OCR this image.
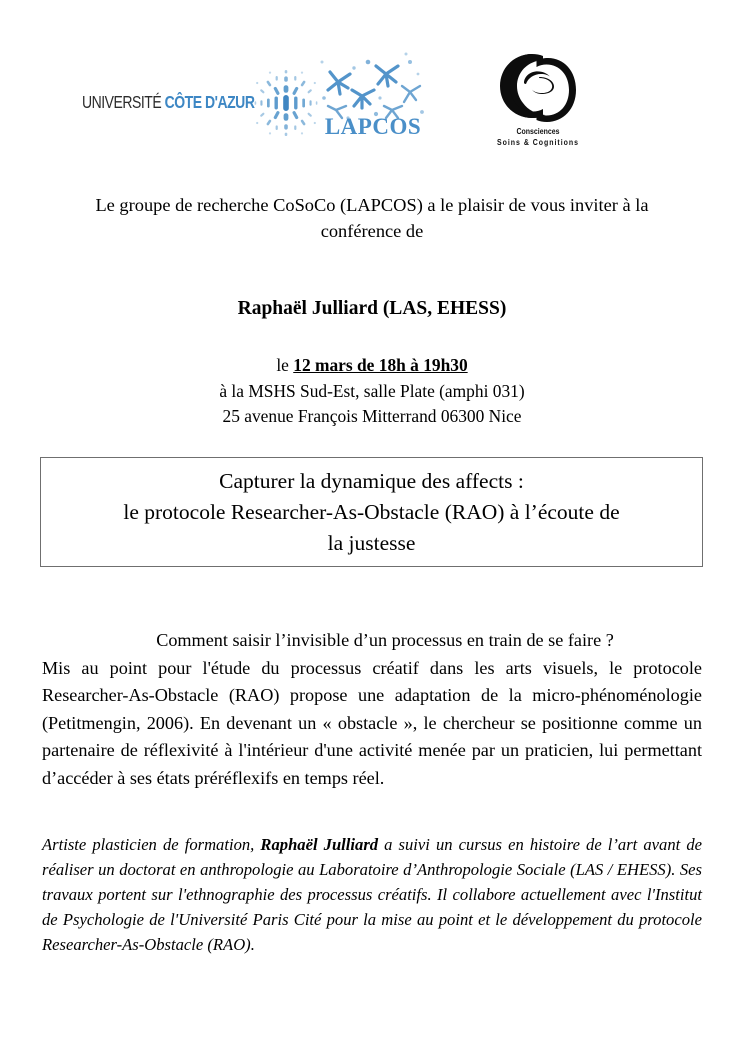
UNIVERSITÉ CÔTE D'AZUR
LAPCOS	Consciences
Soins & Cognitions
Le groupe de recherche CoSoCo (LAPCOS) a le plaisir de vous inviter à la conférence de
Raphaël Julliard (LAS, EHESS)
le 12 mars de 18h à 19h30
à la MSHS Sud-Est, salle Plate (amphi 031)
25 avenue François Mitterrand 06300 Nice
Capturer la dynamique des affects :
le protocole Researcher-As-Obstacle (RAO) à l’écoute de
la justesse
Comment saisir l’invisible d’un processus en train de se faire ?
Mis au point pour l'étude du processus créatif dans les arts visuels, le protocole Researcher-As-Obstacle (RAO) propose une adaptation de la micro-phénoménologie (Petitmengin, 2006). En devenant un « obstacle », le chercheur se positionne comme un partenaire de réflexivité à l'intérieur d'une activité menée par un praticien, lui permettant d’accéder à ses états préréflexifs en temps réel.
Artiste plasticien de formation, Raphaël Julliard a suivi un cursus en histoire de l’art avant de réaliser un doctorat en anthropologie au Laboratoire d’Anthropologie Sociale (LAS / EHESS). Ses travaux portent sur l'ethnographie des processus créatifs. Il collabore actuellement avec l'Institut de Psychologie de l'Université Paris Cité pour la mise au point et le développement du protocole Researcher-As-Obstacle (RAO).
